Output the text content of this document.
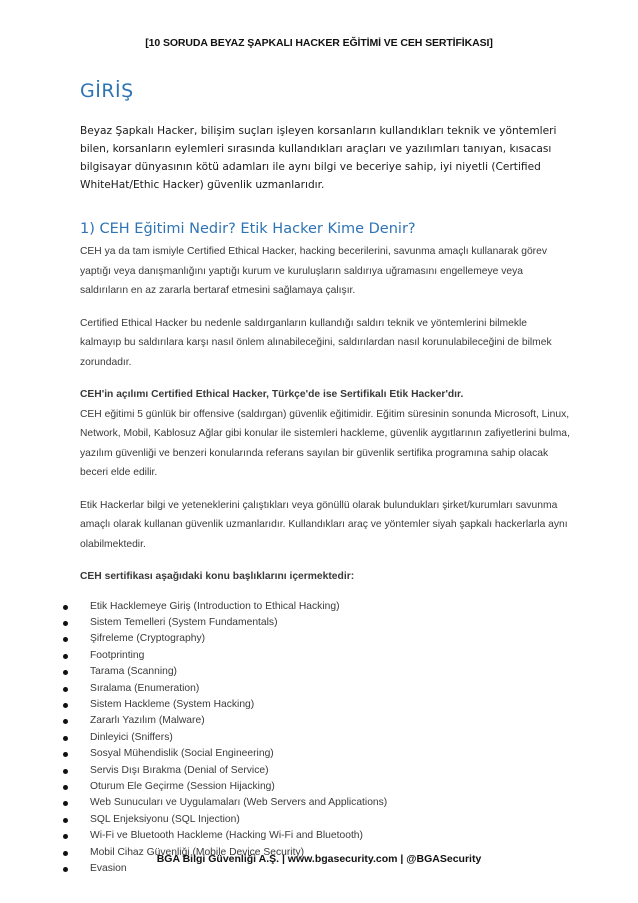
[10 SORUDA BEYAZ ŞAPKALI HACKER EĞİTİMİ VE CEH SERTİFİKASI]
GİRİŞ

Beyaz Şapkalı Hacker, bilişim suçları işleyen korsanların kullandıkları teknik ve yöntemleri bilen, korsanların eylemleri sırasında kullandıkları araçları ve yazılımları tanıyan, kısacası bilgisayar dünyasının kötü adamları ile aynı bilgi ve beceriye sahip, iyi niyetli (Certified WhiteHat/Ethic Hacker) güvenlik uzmanlarıdır.

1) CEH Eğitimi Nedir? Etik Hacker Kime Denir?

CEH ya da tam ismiyle Certified Ethical Hacker, hacking becerilerini, savunma amaçlı kullanarak görev yaptığı veya danışmanlığını yaptığı kurum ve kuruluşların saldırıya uğramasını engellemeye veya saldırıların en az zararla bertaraf etmesini sağlamaya çalışır.

Certified Ethical Hacker bu nedenle saldırganların kullandığı saldırı teknik ve yöntemlerini bilmekle kalmayıp bu saldırılara karşı nasıl önlem alınabileceğini, saldırılardan nasıl korunulabileceğini de bilmek zorundadır.

CEH'in açılımı Certified Ethical Hacker, Türkçe'de ise Sertifikalı Etik Hacker'dır.

CEH eğitimi 5 günlük bir offensive (saldırgan) güvenlik eğitimidir. Eğitim süresinin sonunda Microsoft, Linux, Network, Mobil, Kablosuz Ağlar gibi konular ile sistemleri hackleme, güvenlik aygıtlarının zafiyetlerini bulma, yazılım güvenliği ve benzeri konularında referans sayılan bir güvenlik sertifika programına sahip olacak beceri elde edilir.

Etik Hackerlar bilgi ve yeteneklerini çalıştıkları veya gönüllü olarak bulundukları şirket/kurumları savunma amaçlı olarak kullanan güvenlik uzmanlarıdır. Kullandıkları araç ve yöntemler siyah şapkalı hackerlarla aynı olabilmektedir.

CEH sertifikası aşağıdaki konu başlıklarını içermektedir:

Etik Hacklemeye Giriş (Introduction to Ethical Hacking)
Sistem Temelleri (System Fundamentals)
Şifreleme (Cryptography)
Footprinting
Tarama (Scanning)
Sıralama (Enumeration)
Sistem Hackleme (System Hacking)
Zararlı Yazılım (Malware)
Dinleyici (Sniffers)
Sosyal Mühendislik (Social Engineering)
Servis Dışı Bırakma (Denial of Service)
Oturum Ele Geçirme (Session Hijacking)
Web Sunucuları ve Uygulamaları (Web Servers and Applications)
SQL Enjeksiyonu (SQL Injection)
Wi-Fi ve Bluetooth Hackleme (Hacking Wi-Fi and Bluetooth)
Mobil Cihaz Güvenliği (Mobile Device Security)
Evasion
BGA Bilgi Güvenliği A.Ş. | www.bgasecurity.com | @BGASecurity
